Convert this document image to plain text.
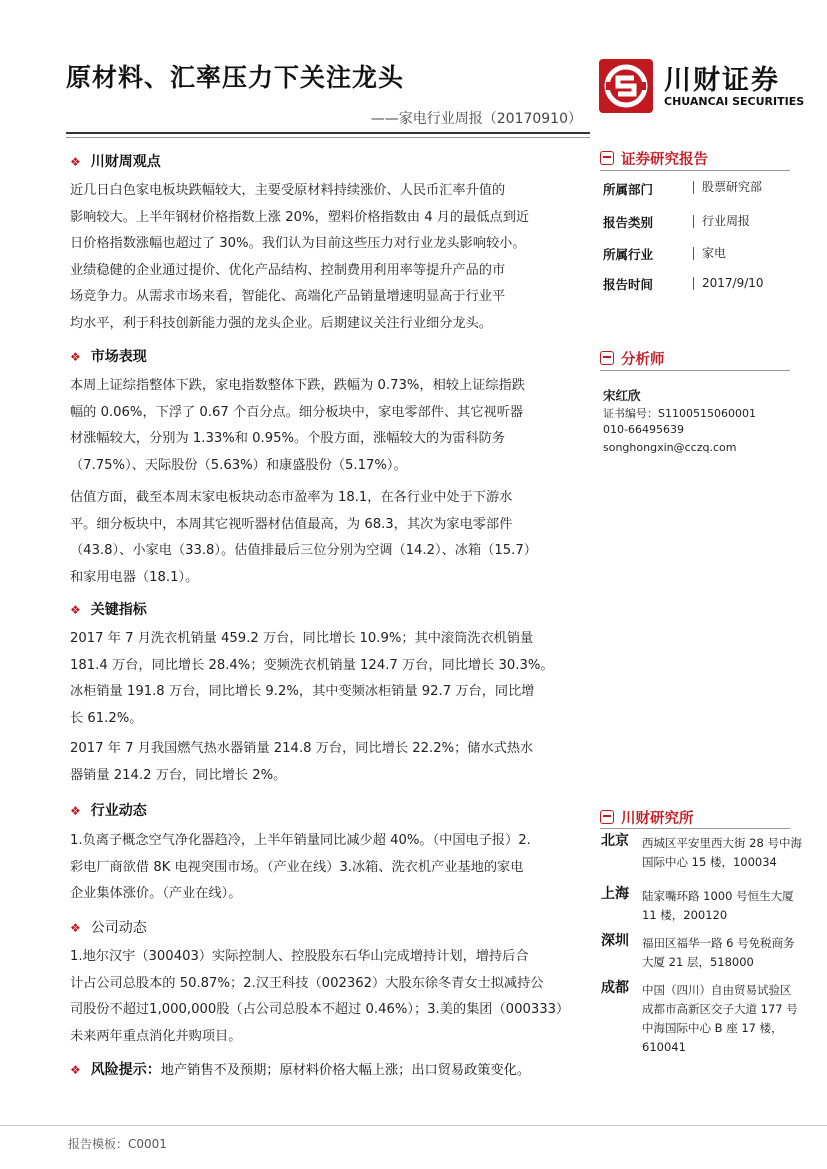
原材料、汇率压力下关注龙头
——家电行业周报（20170910）
川财证券
CHUANCAI SECURITIES
❖ 川财周观点
近几日白色家电板块跌幅较大，主要受原材料持续涨价、人民币汇率升值的
影响较大。上半年钢材价格指数上涨 20%，塑料价格指数由 4 月的最低点到近
日价格指数涨幅也超过了 30%。我们认为目前这些压力对行业龙头影响较小。
业绩稳健的企业通过提价、优化产品结构、控制费用利用率等提升产品的市
场竞争力。从需求市场来看，智能化、高端化产品销量增速明显高于行业平
均水平，利于科技创新能力强的龙头企业。后期建议关注行业细分龙头。
❖ 市场表现
本周上证综指整体下跌，家电指数整体下跌，跌幅为 0.73%，相较上证综指跌
幅的 0.06%，下浮了 0.67 个百分点。细分板块中，家电零部件、其它视听器
材涨幅较大，分别为 1.33%和 0.95%。个股方面，涨幅较大的为雷科防务
（7.75%）、天际股份（5.63%）和康盛股份（5.17%）。
估值方面，截至本周末家电板块动态市盈率为 18.1，在各行业中处于下游水
平。细分板块中，本周其它视听器材估值最高，为 68.3，其次为家电零部件
（43.8）、小家电（33.8）。估值排最后三位分别为空调（14.2）、冰箱（15.7）
和家用电器（18.1）。
❖ 关键指标
2017 年 7 月洗衣机销量 459.2 万台，同比增长 10.9%；其中滚筒洗衣机销量
181.4 万台，同比增长 28.4%；变频洗衣机销量 124.7 万台，同比增长 30.3%。
冰柜销量 191.8 万台，同比增长 9.2%，其中变频冰柜销量 92.7 万台，同比增
长 61.2%。
2017 年 7 月我国燃气热水器销量 214.8 万台，同比增长 22.2%；储水式热水
器销量 214.2 万台，同比增长 2%。
❖ 行业动态
1.负离子概念空气净化器趋冷，上半年销量同比减少超 40%。（中国电子报）2.
彩电厂商欲借 8K 电视突围市场。（产业在线）3.冰箱、洗衣机产业基地的家电
企业集体涨价。（产业在线）。
❖ 公司动态
1.地尔汉宇（300403）实际控制人、控股股东石华山完成增持计划，增持后合
计占公司总股本的 50.87%；2.汉王科技（002362）大股东徐冬青女士拟减持公
司股份不超过1,000,000股（占公司总股本不超过 0.46%）；3.美的集团（000333）
未来两年重点消化并购项目。
❖ 风险提示：地产销售不及预期；原材料价格大幅上涨；出口贸易政策变化。
证券研究报告
所属部门	股票研究部
报告类别	行业周报
所属行业	家电
报告时间	2017/9/10
分析师
宋红欣
证书编号：S1100515060001
010-66495639
songhongxin@cczq.com
川财研究所
北京 西城区平安里西大街 28 号中海国际中心 15 楼，100034
上海 陆家嘴环路 1000 号恒生大厦 11 楼，200120
深圳 福田区福华一路 6 号免税商务大厦 21 层，518000
成都 中国（四川）自由贸易试验区成都市高新区交子大道 177 号中海国际中心 B 座 17 楼，610041
报告模板：C0001
